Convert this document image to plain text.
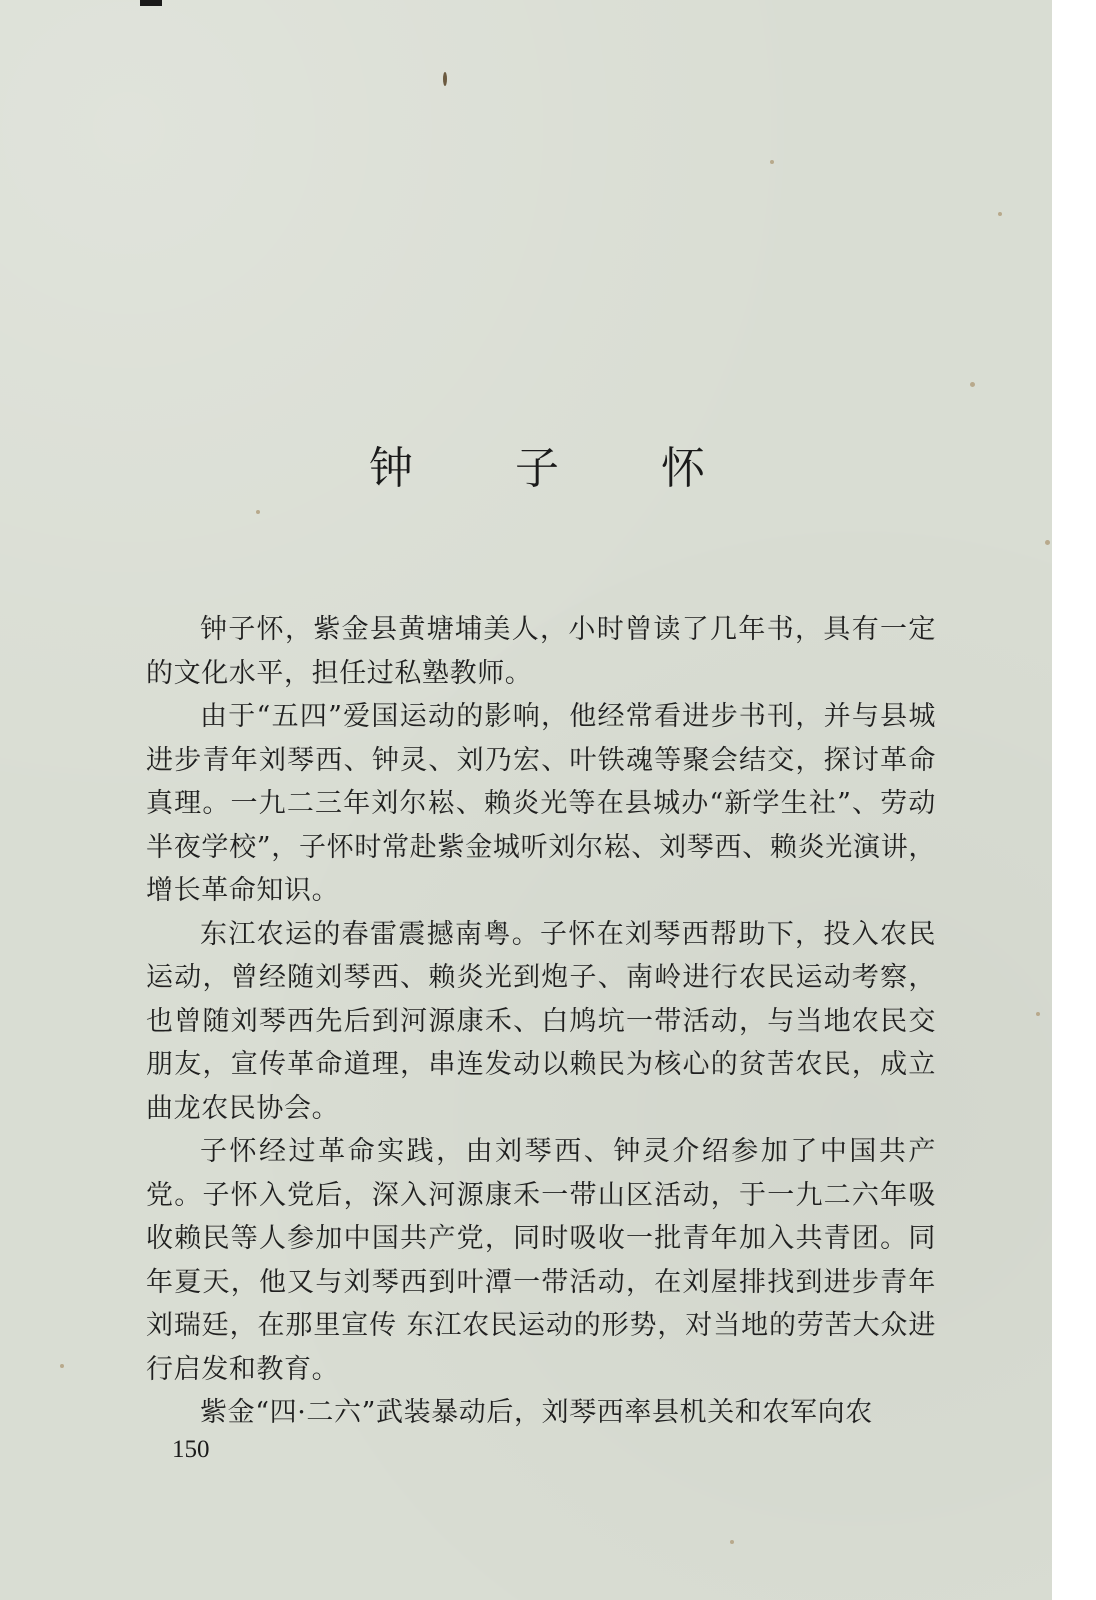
钟 子 怀

钟子怀，紫金县黄塘埔美人，小时曾读了几年书，具有一定的文化水平，担任过私塾教师。

由于“五四”爱国运动的影响，他经常看进步书刊，并与县城进步青年刘琴西、钟灵、刘乃宏、叶铁魂等聚会结交，探讨革命真理。一九二三年刘尔崧、赖炎光等在县城办“新学生社”、劳动半夜学校”，子怀时常赴紫金城听刘尔崧、刘琴西、赖炎光演讲，增长革命知识。

东江农运的春雷震撼南粤。子怀在刘琴西帮助下，投入农民运动，曾经随刘琴西、赖炎光到炮子、南岭进行农民运动考察，也曾随刘琴西先后到河源康禾、白鸠坑一带活动，与当地农民交朋友，宣传革命道理，串连发动以赖民为核心的贫苦农民，成立曲龙农民协会。

子怀经过革命实践，由刘琴西、钟灵介绍参加了中国共产党。子怀入党后，深入河源康禾一带山区活动，于一九二六年吸收赖民等人参加中国共产党，同时吸收一批青年加入共青团。同年夏天，他又与刘琴西到叶潭一带活动，在刘屋排找到进步青年刘瑞廷，在那里宣传 东江农民运动的形势，对当地的劳苦大众进行启发和教育。

紫金“四·二六”武装暴动后，刘琴西率县机关和农军向农

150
